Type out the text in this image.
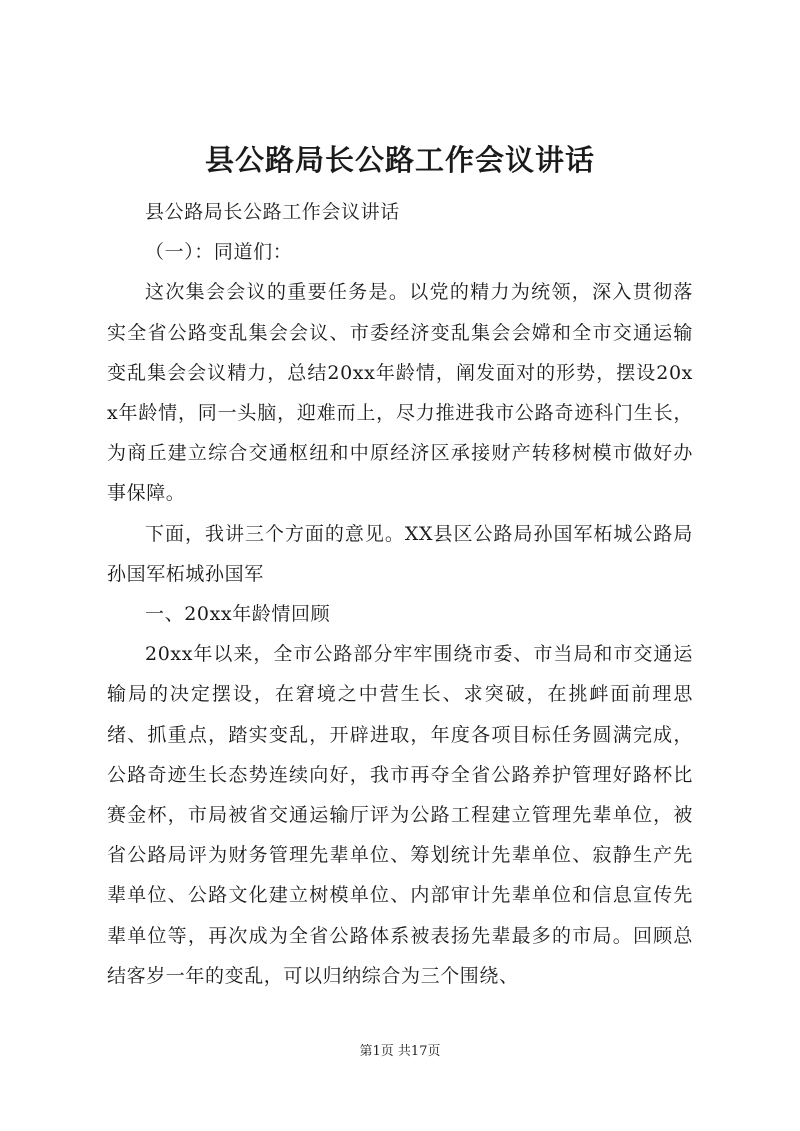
县公路局长公路工作会议讲话

县公路局长公路工作会议讲话

（一）：同道们：

这次集会会议的重要任务是。以党的精力为统领，深入贯彻落实全省公路变乱集会会议、市委经济变乱集会会嫦和全市交通运输变乱集会会议精力，总结20xx年龄情，阐发面对的形势，摆设20xx年龄情，同一头脑，迎难而上，尽力推进我市公路奇迹科门生长，为商丘建立综合交通枢纽和中原经济区承接财产转移树模市做好办事保障。

下面，我讲三个方面的意见。XX县区公路局孙国军柘城公路局孙国军柘城孙国军

一、20xx年龄情回顾

20xx年以来，全市公路部分牢牢围绕市委、市当局和市交通运输局的决定摆设，在窘境之中营生长、求突破，在挑衅面前理思绪、抓重点，踏实变乱，开辟进取，年度各项目标任务圆满完成，公路奇迹生长态势连续向好，我市再夺全省公路养护管理好路杯比赛金杯，市局被省交通运输厅评为公路工程建立管理先辈单位，被省公路局评为财务管理先辈单位、筹划统计先辈单位、寂静生产先辈单位、公路文化建立树模单位、内部审计先辈单位和信息宣传先辈单位等，再次成为全省公路体系被表扬先辈最多的市局。回顾总结客岁一年的变乱，可以归纳综合为三个围绕、

第1页 共17页
